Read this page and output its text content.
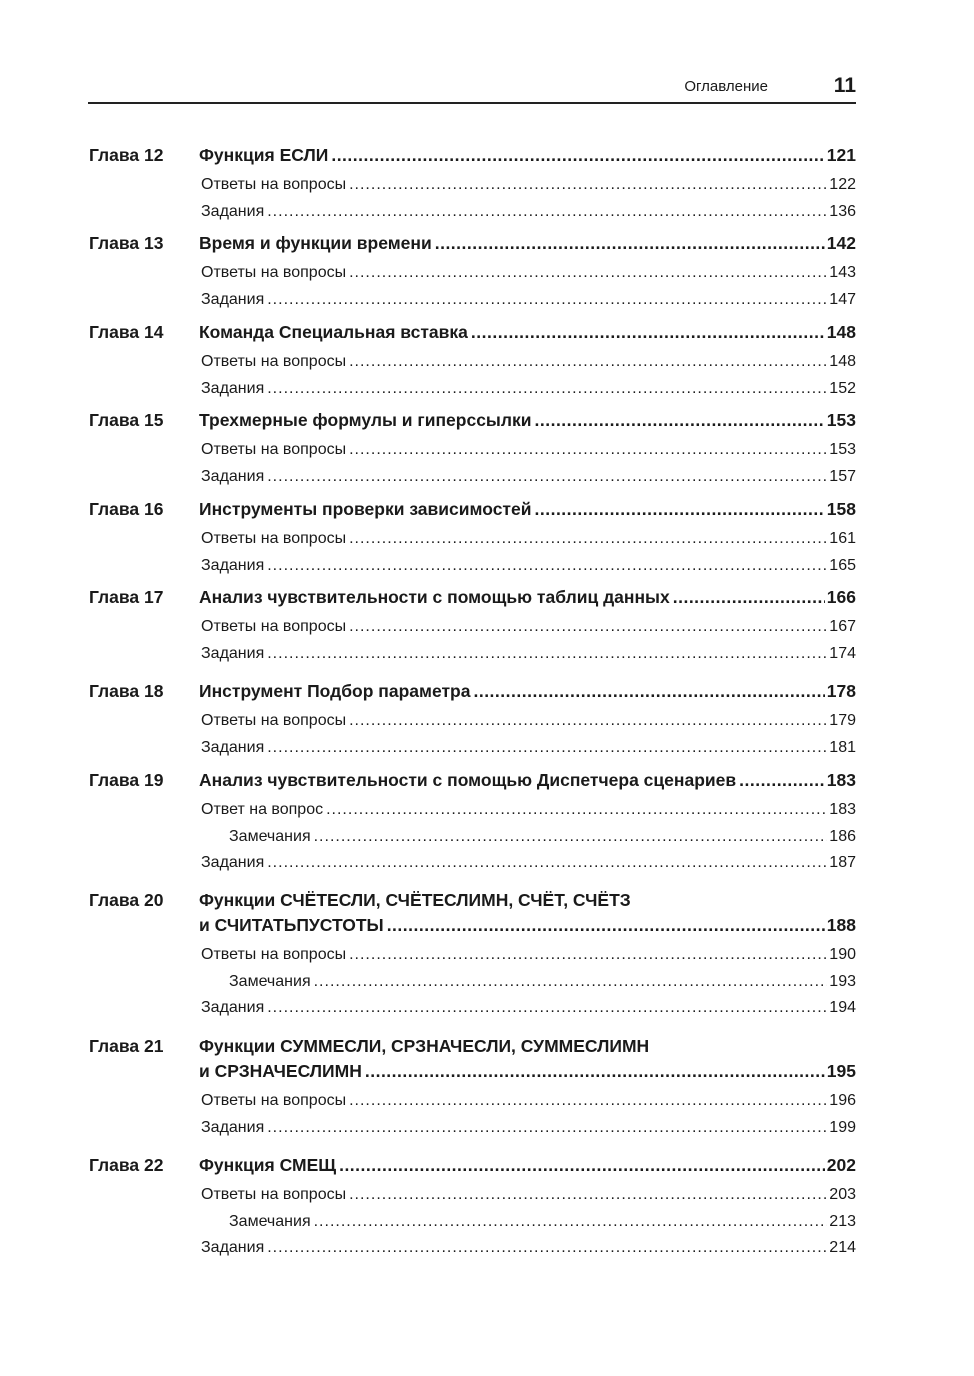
Оглавление	11
Глава 12 Функция ЕСЛИ .....	121
Ответы на вопросы .....	122
Задания .....	136
Глава 13 Время и функции времени .....	142
Ответы на вопросы .....	143
Задания .....	147
Глава 14 Команда Специальная вставка .....	148
Ответы на вопросы .....	148
Задания .....	152
Глава 15 Трехмерные формулы и гиперссылки .....	153
Ответы на вопросы .....	153
Задания .....	157
Глава 16 Инструменты проверки зависимостей .....	158
Ответы на вопросы .....	161
Задания .....	165
Глава 17 Анализ чувствительности с помощью таблиц данных .....	166
Ответы на вопросы .....	167
Задания .....	174
Глава 18 Инструмент Подбор параметра .....	178
Ответы на вопросы .....	179
Задания .....	181
Глава 19 Анализ чувствительности с помощью Диспетчера сценариев .....	183
Ответ на вопрос .....	183
Замечания .....	186
Задания .....	187
Глава 20 Функции СЧЁТЕСЛИ, СЧЁТЕСЛИМН, СЧЁТ, СЧЁТЗ
и СЧИТАТЬПУСТОТЫ .....	188
Ответы на вопросы .....	190
Замечания .....	193
Задания .....	194
Глава 21 Функции СУММЕСЛИ, СРЗНАЧЕСЛИ, СУММЕСЛИМН
и СРЗНАЧЕСЛИМН .....	195
Ответы на вопросы .....	196
Задания .....	199
Глава 22 Функция СМЕЩ .....	202
Ответы на вопросы .....	203
Замечания .....	213
Задания .....	214
